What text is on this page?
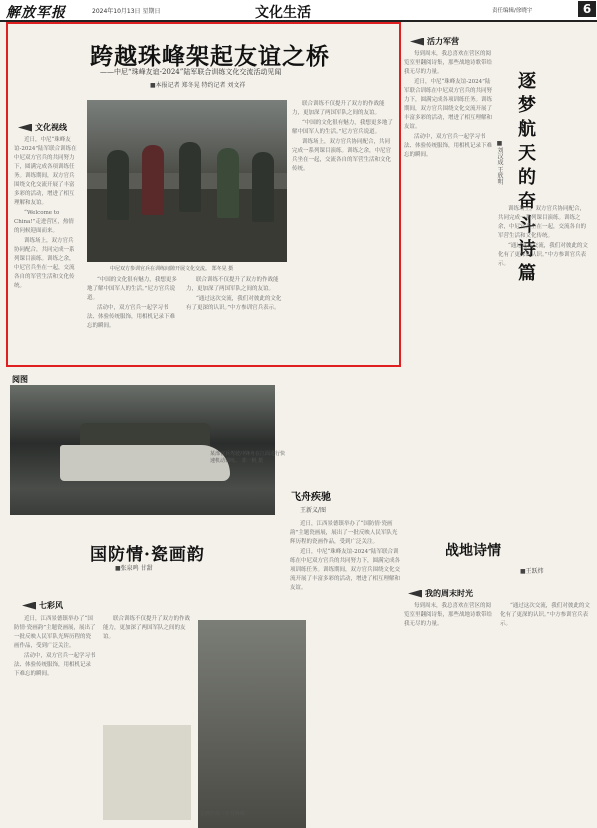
解放军报	2024年10月13日 星期日	文化生活	责任编辑/徐晓宇	6
跨越珠峰架起友谊之桥
——中尼“珠峰友谊-2024”陆军联合训练文化交流活动见闻
■本报记者 郑冬晃 特约记者 刘文祥
文化视线

近日，中尼“珠峰友谊-2024”陆军联合训练在中尼双方官兵的共同努力下，圆满完成各项训练任务。训练期间，双方官兵围绕文化交流开展了丰富多彩的活动，增进了相互理解和友谊。

“Welcome to China!”走进营区，热情的问候迎面而来。

训练场上，双方官兵协同配合，共同完成一系列课目演练。训练之余，中尼官兵坐在一起，交流各自的军营生活和文化传统。

中尼双方参训官兵在训练间隙开展文化交流。 郑冬晃 摄

“中国的文化很有魅力，我想更多地了解中国军人的生活。”尼方官兵说道。

活动中，双方官兵一起学习书法、体验传统服饰，用相机记录下难忘的瞬间。

联合训练不仅提升了双方的作战能力，更加深了两国军队之间的友谊。

“通过这次交流，我们对彼此的文化有了更深的认识。”中方参训官兵表示。

联合训练不仅提升了双方的作战能力，更加深了两国军队之间的友谊。

“中国的文化很有魅力，我想更多地了解中国军人的生活。”尼方官兵说道。

训练场上，双方官兵协同配合，共同完成一系列课目演练。训练之余，中尼官兵坐在一起，交流各自的军营生活和文化传统。

活力军营
逐梦航天的奋斗诗篇
■刘汉成 王欣明

每到周末，我总喜欢在营区的阅览室里翻阅诗集，那些战地诗歌带给我无尽的力量。

近日，中尼“珠峰友谊-2024”陆军联合训练在中尼双方官兵的共同努力下，圆满完成各项训练任务。训练期间，双方官兵围绕文化交流开展了丰富多彩的活动，增进了相互理解和友谊。

活动中，双方官兵一起学习书法、体验传统服饰，用相机记录下难忘的瞬间。

训练场上，双方官兵协同配合，共同完成一系列课目演练。训练之余，中尼官兵坐在一起，交流各自的军营生活和文化传统。

“通过这次交流，我们对彼此的文化有了更深的认识。”中方参训官兵表示。

阅图
某部官兵驾驶冲锋舟在江面进行快速机动训练。 郭一帆 摄
飞舟疾驰
王新义/图

近日，江西景德镇举办了“国防情·瓷画韵”主题瓷画展，展出了一批反映人民军队光辉历程的瓷画作品，受到广泛关注。

近日，中尼“珠峰友谊-2024”陆军联合训练在中尼双方官兵的共同努力下，圆满完成各项训练任务。训练期间，双方官兵围绕文化交流开展了丰富多彩的活动，增进了相互理解和友谊。

国防情·瓷画韵
■张泉鸣 甘甜
七彩风

近日，江西景德镇举办了“国防情·瓷画韵”主题瓷画展，展出了一批反映人民军队光辉历程的瓷画作品，受到广泛关注。

活动中，双方官兵一起学习书法、体验传统服饰，用相机记录下难忘的瞬间。

联合训练不仅提升了双方的作战能力，更加深了两国军队之间的友谊。

瓷画作品《岁月峥嵘》
战地诗情
■王跃炜
我的周末时光

每到周末，我总喜欢在营区的阅览室里翻阅诗集，那些战地诗歌带给我无尽的力量。

“通过这次交流，我们对彼此的文化有了更深的认识。”中方参训官兵表示。
